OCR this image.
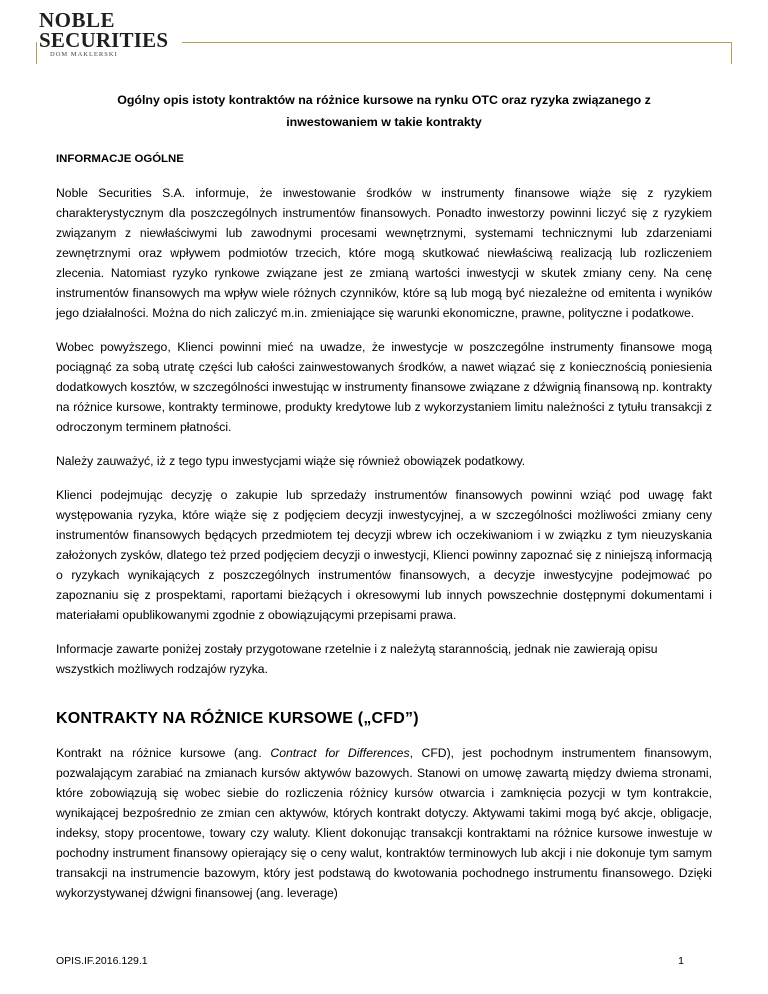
NOBLE
SECURITIES
DOM MAKLERSKI
Ogólny opis istoty kontraktów na różnice kursowe na rynku OTC oraz ryzyka związanego z inwestowaniem w takie kontrakty
INFORMACJE OGÓLNE

Noble Securities S.A. informuje, że inwestowanie środków w instrumenty finansowe wiąże się z ryzykiem charakterystycznym dla poszczególnych instrumentów finansowych. Ponadto inwestorzy powinni liczyć się z ryzykiem związanym z niewłaściwymi lub zawodnymi procesami wewnętrznymi, systemami technicznymi lub zdarzeniami zewnętrznymi oraz wpływem podmiotów trzecich, które mogą skutkować niewłaściwą realizacją lub rozliczeniem zlecenia. Natomiast ryzyko rynkowe związane jest ze zmianą wartości inwestycji w skutek zmiany ceny. Na cenę instrumentów finansowych ma wpływ wiele różnych czynników, które są lub mogą być niezależne od emitenta i wyników jego działalności. Można do nich zaliczyć m.in. zmieniające się warunki ekonomiczne, prawne, polityczne i podatkowe.

Wobec powyższego, Klienci powinni mieć na uwadze, że inwestycje w poszczególne instrumenty finansowe mogą pociągnąć za sobą utratę części lub całości zainwestowanych środków, a nawet wiązać się z koniecznością poniesienia dodatkowych kosztów, w szczególności inwestując w instrumenty finansowe związane z dźwignią finansową np. kontrakty na różnice kursowe, kontrakty terminowe, produkty kredytowe lub z wykorzystaniem limitu należności z tytułu transakcji z odroczonym terminem płatności.

Należy zauważyć, iż z tego typu inwestycjami wiąże się również obowiązek podatkowy.

Klienci podejmując decyzję o zakupie lub sprzedaży instrumentów finansowych powinni wziąć pod uwagę fakt występowania ryzyka, które wiąże się z podjęciem decyzji inwestycyjnej, a w szczególności możliwości zmiany ceny instrumentów finansowych będących przedmiotem tej decyzji wbrew ich oczekiwaniom i w związku z tym nieuzyskania założonych zysków, dlatego też przed podjęciem decyzji o inwestycji, Klienci powinny zapoznać się z niniejszą informacją o ryzykach wynikających z poszczególnych instrumentów finansowych, a decyzje inwestycyjne podejmować po zapoznaniu się z prospektami, raportami bieżących i okresowymi lub innych powszechnie dostępnymi dokumentami i materiałami opublikowanymi zgodnie z obowiązującymi przepisami prawa.

Informacje zawarte poniżej zostały przygotowane rzetelnie i z należytą starannością, jednak nie zawierają opisu wszystkich możliwych rodzajów ryzyka.

KONTRAKTY NA RÓŻNICE KURSOWE („CFD”)

Kontrakt na różnice kursowe (ang. Contract for Differences, CFD), jest pochodnym instrumentem finansowym, pozwalającym zarabiać na zmianach kursów aktywów bazowych. Stanowi on umowę zawartą między dwiema stronami, które zobowiązują się wobec siebie do rozliczenia różnicy kursów otwarcia i zamknięcia pozycji w tym kontrakcie, wynikającej bezpośrednio ze zmian cen aktywów, których kontrakt dotyczy. Aktywami takimi mogą być akcje, obligacje, indeksy, stopy procentowe, towary czy waluty. Klient dokonując transakcji kontraktami na różnice kursowe inwestuje w pochodny instrument finansowy opierający się o ceny walut, kontraktów terminowych lub akcji i nie dokonuje tym samym transakcji na instrumencie bazowym, który jest podstawą do kwotowania pochodnego instrumentu finansowego. Dzięki wykorzystywanej dźwigni finansowej (ang. leverage)

OPIS.IF.2016.129.1	1
